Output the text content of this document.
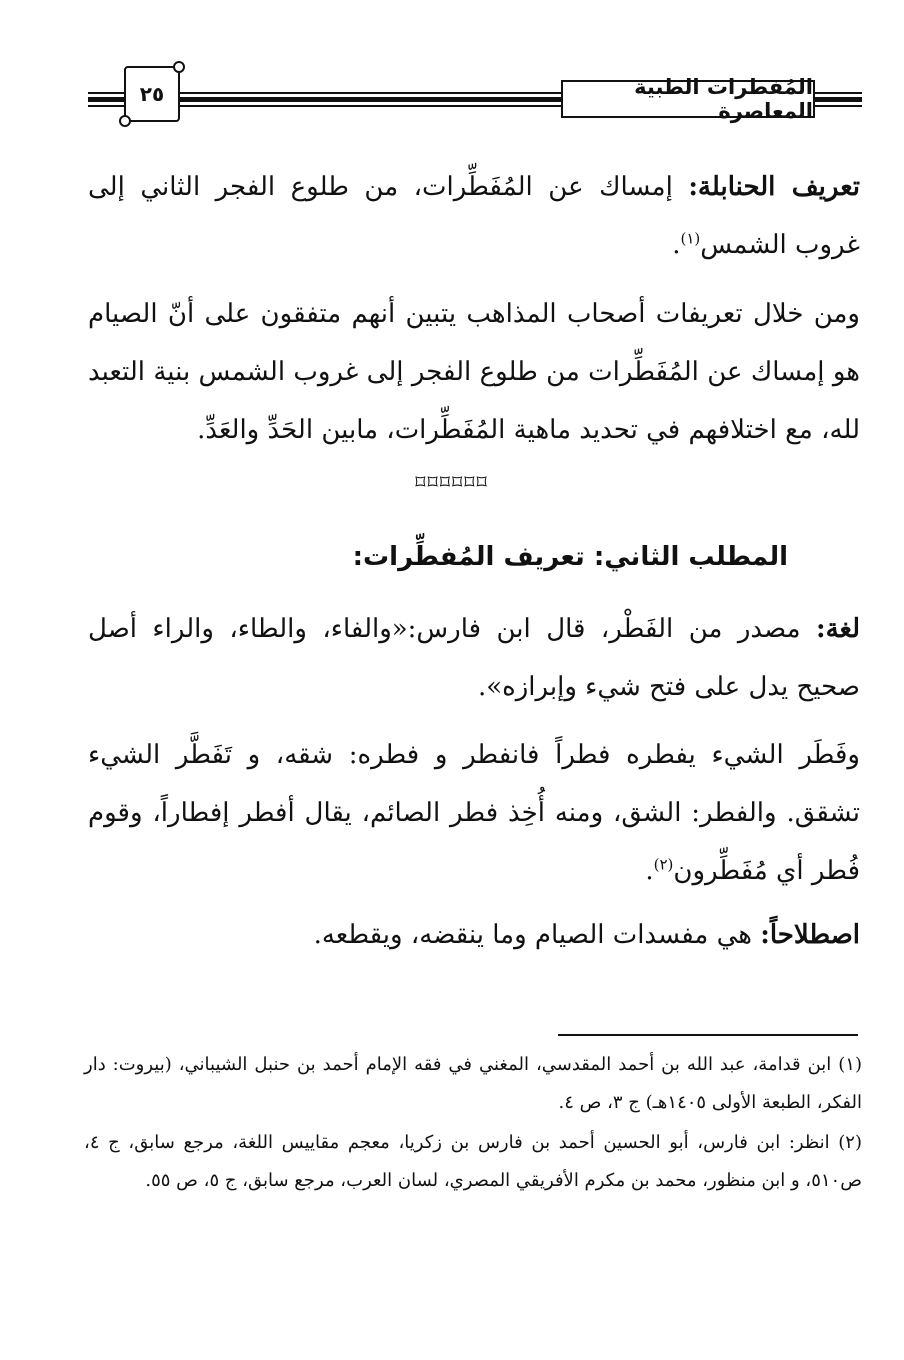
المُفطرات الطبية المعاصرة
٢٥
تعريف الحنابلة: إمساك عن المُفَطِّرات، من طلوع الفجر الثاني إلى غروب الشمس$^{(١)}$.
ومن خلال تعريفات أصحاب المذاهب يتبين أنهم متفقون على أنّ الصيام هو إمساك عن المُفَطِّرات من طلوع الفجر إلى غروب الشمس بنية التعبد لله، مع اختلافهم في تحديد ماهية المُفَطِّرات، مابين الحَدِّ والعَدِّ.
⌑⌑⌑⌑⌑⌑
المطلب الثاني: تعريف المُفطِّرات:
لغة: مصدر من الفَطْر، قال ابن فارس:«والفاء، والطاء، والراء أصل صحيح يدل على فتح شيء وإبرازه».
وفَطَر الشيء يفطره فطراً فانفطر و فطره: شقه، و تَفَطَّر الشيء تشقق. والفطر: الشق، ومنه أُخِذ فطر الصائم، يقال أفطر إفطاراً، وقوم فُطر أي مُفَطِّرون$^{(٢)}$.
اصطلاحاً: هي مفسدات الصيام وما ينقضه، ويقطعه.
(١) ابن قدامة، عبد الله بن أحمد المقدسي، المغني في فقه الإمام أحمد بن حنبل الشيباني، (بيروت: دار الفكر، الطبعة الأولى ١٤٠٥هـ) ج ٣، ص ٤.
(٢) انظر: ابن فارس، أبو الحسين أحمد بن فارس بن زكريا، معجم مقاييس اللغة، مرجع سابق، ج ٤، ص٥١٠، و ابن منظور، محمد بن مكرم الأفريقي المصري، لسان العرب، مرجع سابق، ج ٥، ص ٥٥.
